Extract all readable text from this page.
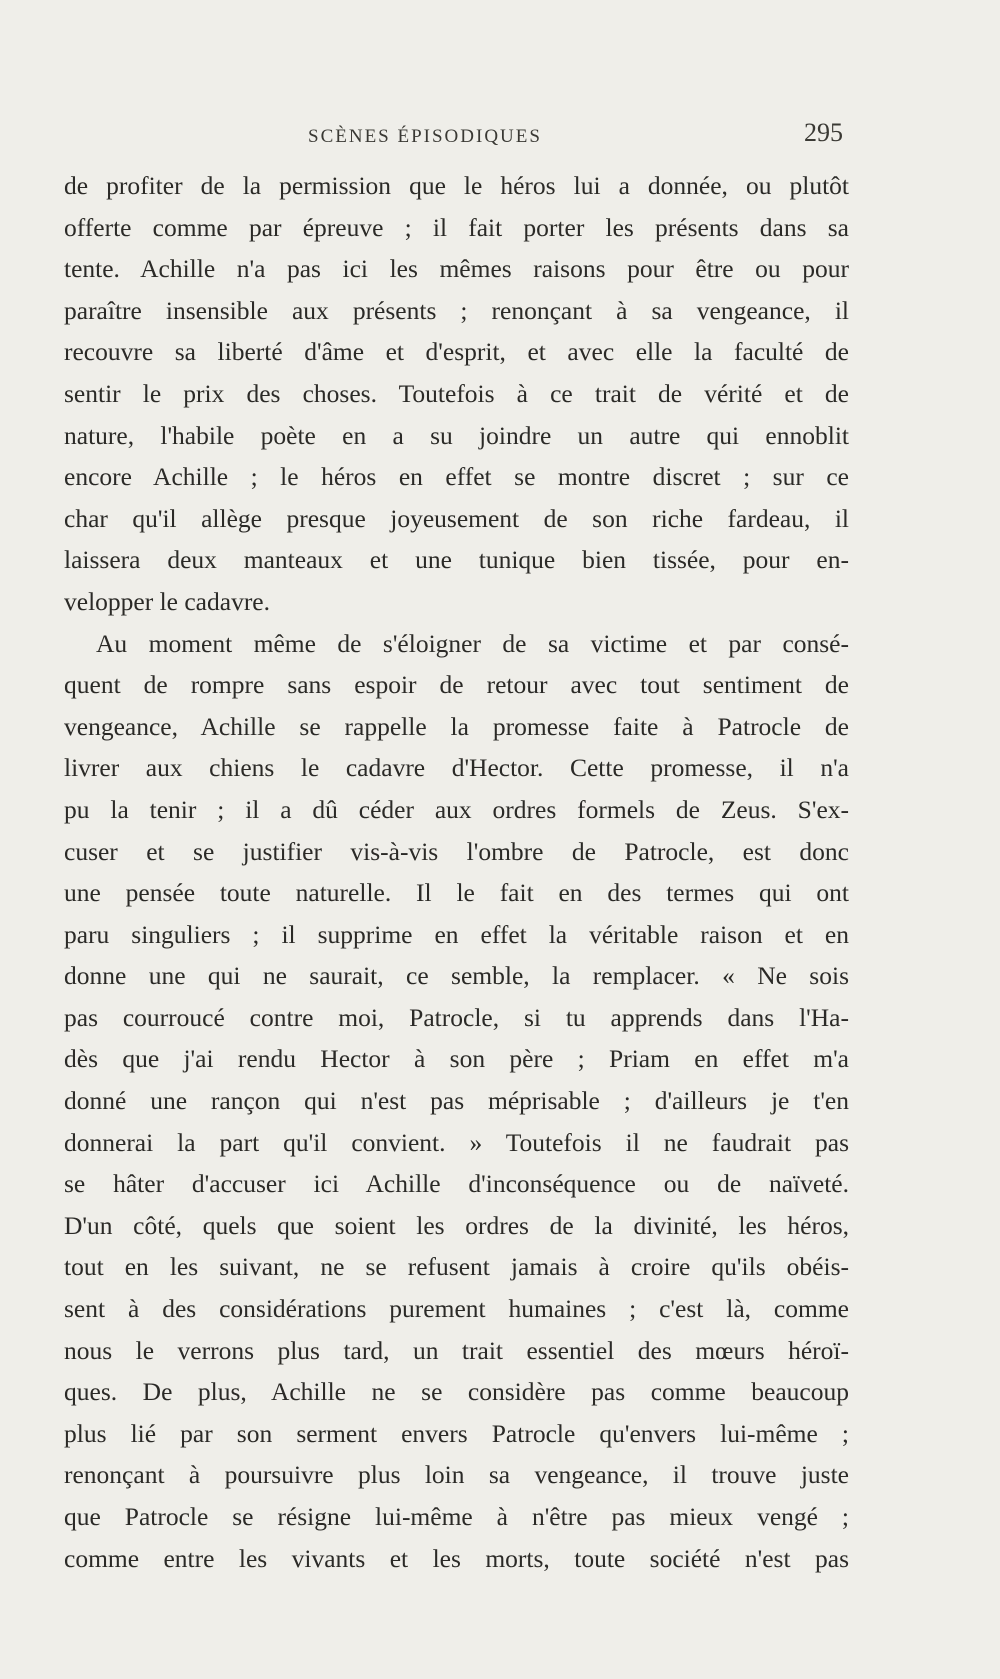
SCÈNES ÉPISODIQUES	295
de profiter de la permission que le héros lui a donnée, ou plutôt
offerte comme par épreuve ; il fait porter les présents dans sa
tente. Achille n'a pas ici les mêmes raisons pour être ou pour
paraître insensible aux présents ; renonçant à sa vengeance, il
recouvre sa liberté d'âme et d'esprit, et avec elle la faculté de
sentir le prix des choses. Toutefois à ce trait de vérité et de
nature, l'habile poète en a su joindre un autre qui ennoblit
encore Achille ; le héros en effet se montre discret ; sur ce
char qu'il allège presque joyeusement de son riche fardeau, il
laissera deux manteaux et une tunique bien tissée, pour en-
velopper le cadavre.
Au moment même de s'éloigner de sa victime et par consé-
quent de rompre sans espoir de retour avec tout sentiment de
vengeance, Achille se rappelle la promesse faite à Patrocle de
livrer aux chiens le cadavre d'Hector. Cette promesse, il n'a
pu la tenir ; il a dû céder aux ordres formels de Zeus. S'ex-
cuser et se justifier vis-à-vis l'ombre de Patrocle, est donc
une pensée toute naturelle. Il le fait en des termes qui ont
paru singuliers ; il supprime en effet la véritable raison et en
donne une qui ne saurait, ce semble, la remplacer. « Ne sois
pas courroucé contre moi, Patrocle, si tu apprends dans l'Ha-
dès que j'ai rendu Hector à son père ; Priam en effet m'a
donné une rançon qui n'est pas méprisable ; d'ailleurs je t'en
donnerai la part qu'il convient. » Toutefois il ne faudrait pas
se hâter d'accuser ici Achille d'inconséquence ou de naïveté.
D'un côté, quels que soient les ordres de la divinité, les héros,
tout en les suivant, ne se refusent jamais à croire qu'ils obéis-
sent à des considérations purement humaines ; c'est là, comme
nous le verrons plus tard, un trait essentiel des mœurs héroï-
ques. De plus, Achille ne se considère pas comme beaucoup
plus lié par son serment envers Patrocle qu'envers lui-même ;
renonçant à poursuivre plus loin sa vengeance, il trouve juste
que Patrocle se résigne lui-même à n'être pas mieux vengé ;
comme entre les vivants et les morts, toute société n'est pas
